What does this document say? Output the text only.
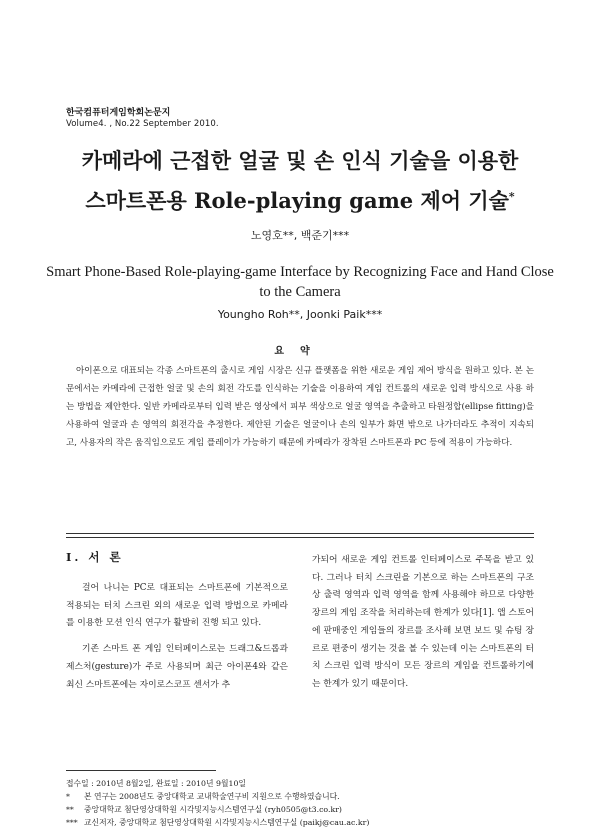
한국컴퓨터게임학회논문지
Volume4. , No.22 September 2010.
카메라에 근접한 얼굴 및 손 인식 기술을 이용한
스마트폰용 Role-playing game 제어 기술*
노영호**, 백준기***
Smart Phone-Based Role-playing-game Interface by Recognizing Face and Hand Close to the Camera
Youngho Roh**, Joonki Paik***
요약
아이폰으로 대표되는 각종 스마트폰의 출시로 게임 시장은 신규 플랫폼을 위한 새로운 게임 제어 방식을 원하고 있다. 본 논문에서는 카메라에 근접한 얼굴 및 손의 회전 각도를 인식하는 기술을 이용하여 게임 컨트롤의 새로운 입력 방식으로 사용 하는 방법을 제안한다. 일반 카메라로부터 입력 받은 영상에서 피부 색상으로 얼굴 영역을 추출하고 타원정합(ellipse fitting)을 사용하여 얼굴과 손 영역의 회전각을 추정한다. 제안된 기술은 얼굴이나 손의 일부가 화면 밖으로 나가더라도 추적이 지속되고, 사용자의 작은 움직임으로도 게임 플레이가 가능하기 때문에 카메라가 장착된 스마트폰과 PC 등에 적용이 가능하다.
Ⅰ. 서 론

걸어 나니는 PC로 대표되는 스마트폰에 기본적으로 적용되는 터치 스크린 외의 새로운 입력 방법으로 카메라를 이용한 모션 인식 연구가 활발히 진행 되고 있다.

기존 스마트 폰 게임 인터페이스로는 드래그&드롭과 제스처(gesture)가 주로 사용되며 최근 아이폰4와 같은 최신 스마트폰에는 자이로스코프 센서가 추

가되어 새로운 게임 컨트롤 인터페이스로 주목을 받고 있다. 그러나 터치 스크린을 기본으로 하는 스마트폰의 구조상 출력 영역과 입력 영역을 함께 사용해야 하므로 다양한 장르의 게임 조작을 처리하는데 한계가 있다[1]. 앱 스토어에 판매중인 게임들의 장르를 조사해 보면 보드 및 슈팅 장르로 편중이 생기는 것을 볼 수 있는데 이는 스마트폰의 터치 스크린 입력 방식이 모든 장르의 게임을 컨트롤하기에는 한계가 있기 때문이다.

접수일 : 2010년 8월2일, 완료일 : 2010년 9월10일
* 본 연구는 2008년도 중앙대학교 교내학술연구비 지원으로 수행하였습니다.
** 중앙대학교 첨단영상대학원 시각및지능시스템연구실 (ryh0505@t3.co.kr)
*** 교신저자, 중앙대학교 첨단영상대학원 시각및지능시스템연구실 (paikj@cau.ac.kr)
